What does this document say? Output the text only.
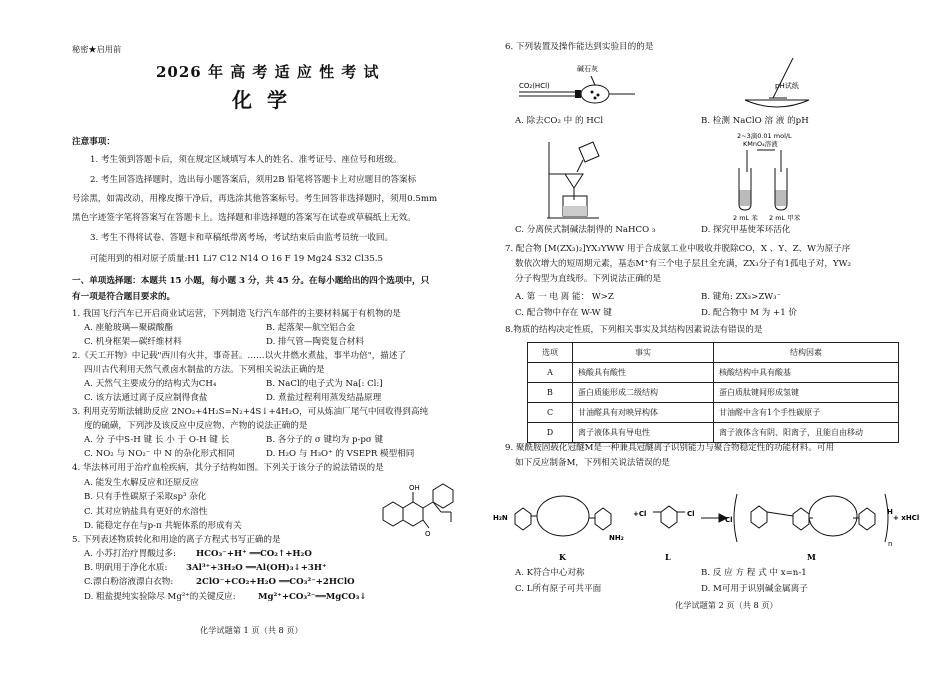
秘密★启用前
2026 年 高 考 适 应 性 考 试
化 学
注意事项：
1. 考生领到答题卡后，须在规定区域填写本人的姓名、准考证号、座位号和班级。
2. 考生回答选择题时，选出每小题答案后，须用2B 铅笔将答题卡上对应题目的答案标
号涂黑，如需改动，用橡皮擦干净后，再选涂其他答案标号。考生回答非选择题时，须用0.5mm
黑色字迹签字笔将答案写在答题卡上。选择题和非选择题的答案写在试卷或草稿纸上无效。
3. 考生不得将试卷、答题卡和草稿纸带离考场，考试结束后由监考员统一收回。
可能用到的相对原子质量:H1 Li7 C12 N14 O 16 F 19 Mg24 S32 Cl35.5
一、单项选择题：本题共 15 小题，每小题 3 分，共 45 分。在每小题给出的四个选项中，只
有一项是符合题目要求的。
1. 我国飞行汽车已开启商业试运营，下列制造飞行汽车部件的主要材料属于有机物的是
A. 座舱玻璃—聚碳酸酯	B. 起落架—航空铝合金
C. 机身框架—碳纤维材料	D. 排气管—陶瓷复合材料
2.《天工开物》中记载"西川有火井，事奇甚。……以火井燃水煮盐，事半功倍"，描述了
四川古代利用天然气煮卤水制盐的方法。下列相关说法正确的是
A. 天然气主要成分的结构式为CH₄	B. NaCl的电子式为 Na[: Cl:]
C. 该方法通过离子反应制得食盐	D. 煮盐过程利用蒸发结晶原理
3. 利用克劳斯法辅助反应 2NO₂+4H₂S=N₂+4S↓+4H₂O，可从炼油厂尾气中回收得到高纯
度的硫磺，下列涉及该反应中反应物、产物的说法正确的是
A. 分 子中S-H 键 长 小 于 O-H 键 长	B. 各分子的 σ 键均为 p-pσ 键
C. NO₂ 与 NO₂⁻ 中 N 的杂化形式相同	D. H₂O 与 H₃O⁺ 的 VSEPR 模型相同
4. 华法林可用于治疗血栓疾病，其分子结构如图。下列关于该分子的说法错误的是
A. 能发生水解反应和还原反应
B. 只有手性碳原子采取sp³ 杂化
C. 其对应钠盐具有更好的水溶性
D. 能稳定存在与p-π 共轭体系的形成有关
OH
O
5. 下列表述物质转化和用途的离子方程式书写正确的是
A. 小苏打治疗胃酸过多: HCO₃⁻+H⁺ ══CO₂↑+H₂O
B. 明矾用于净化水质: 3Al³⁺+3H₂O ══Al(OH)₃↓+3H⁺
C.漂白粉溶液漂白衣物:	2ClO⁻+CO₂+H₂O ══CO₃²⁻+2HClO
D. 粗盐提纯实验除尽 Mg²⁺的关键反应:	Mg²⁺+CO₃²⁻══MgCO₃↓
化学试题第 1 页（共 8 页）
6. 下列装置及操作能达到实验目的的是
碱石灰
CO₂(HCl)	pH试纸
A. 除去CO₂ 中 的 HCl	B. 检测 NaClO 溶 液 的pH
2~3滴0.01 mol/L
KMnO₄溶液
2 mL 苯 2 mL 甲苯
C. 分离侯式制碱法制得的 NaHCO ₃	D. 探究甲基使苯环活化
7. 配合物 [M(ZX₃)₂]YX₃YWW 用于合成氨工业中吸收并脱除CO，X 、Y、Z、W为原子序
数依次增大的短周期元素，基态M⁺有三个电子层且全充满，ZX₃分子有1孤电子对，YW₂
分子构型为直线形。下列说法正确的是
A. 第 一 电 离 能： W>Z	B. 键角: ZX₃>ZW₃⁻
C. 配合物中存在 W-W 键	D. 配合物中 M 为 +1 价
8.物质的结构决定性质，下列相关事实及其结构因素说法有错误的是
选项	事实	结构因素
A	核酸具有酸性	核酸结构中具有酸基
B	蛋白质能形成二级结构	蛋白质肽键间形成氢键
C	甘油醛具有对映异构体	甘油醛中含有1个手性碳原子
D	离子液体具有导电性	离子液体含有阴、阳离子，且能自由移动
9. 聚酰胺固载化冠醚M是一种兼具冠醚离子识别能力与聚合物稳定性的功能材料。可用
如下反应制备M，下列相关说法错误的是
H₂N
NH₂
+Cl	Cl
Cl
H
n
+ xHCl
K	L	M
A. K符合中心对称	B. 反 应 方 程 式 中 x=n-1
C. L所有原子可共平面	D. M可用于识别碱金属离子
化学试题第 2 页（共 8 页）
